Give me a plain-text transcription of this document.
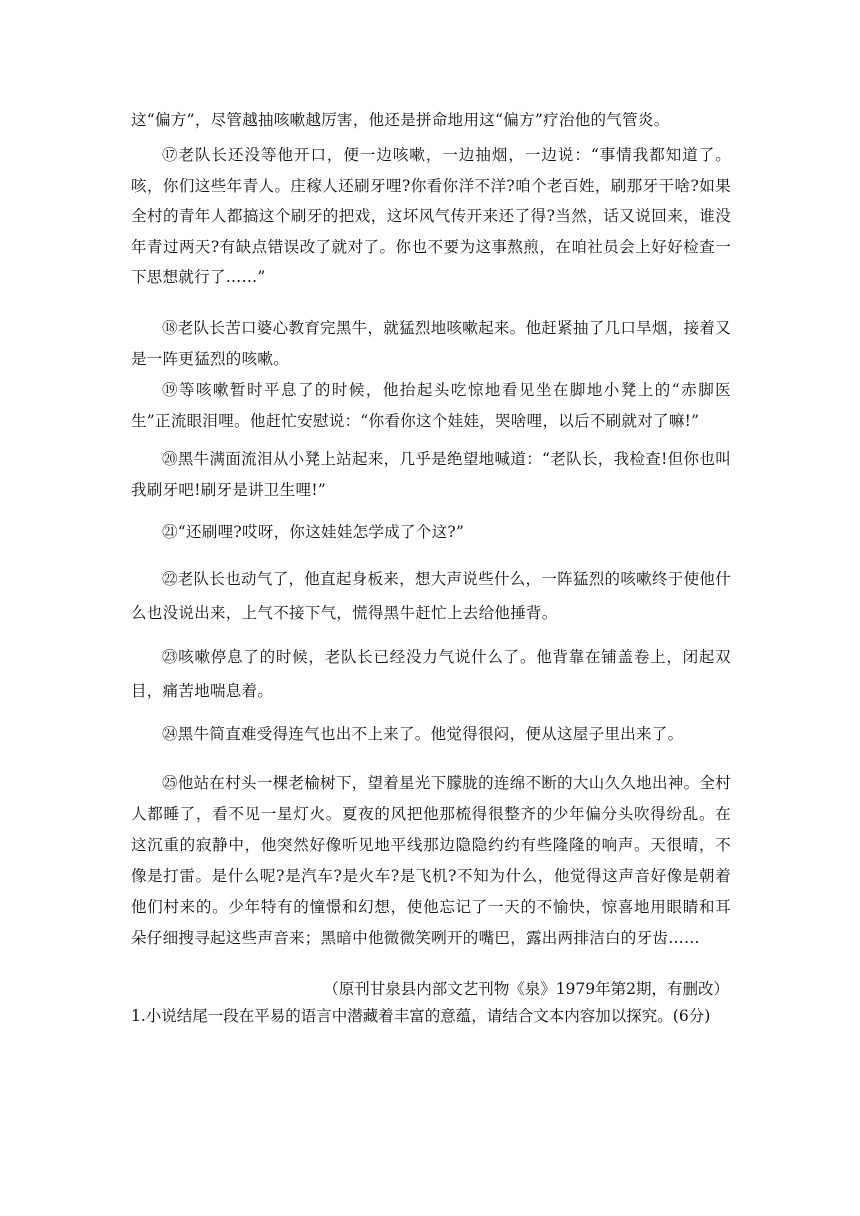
这“偏方”，尽管越抽咳嗽越厉害，他还是拼命地用这“偏方”疗治他的气管炎。

⑰老队长还没等他开口，便一边咳嗽，一边抽烟，一边说：“事情我都知道了。咳，你们这些年青人。庄稼人还刷牙哩?你看你洋不洋?咱个老百姓，刷那牙干啥?如果全村的青年人都搞这个刷牙的把戏，这坏风气传开来还了得?当然，话又说回来，谁没年青过两天?有缺点错误改了就对了。你也不要为这事熬煎，在咱社员会上好好检查一下思想就行了……”

⑱老队长苦口婆心教育完黑牛，就猛烈地咳嗽起来。他赶紧抽了几口旱烟，接着又是一阵更猛烈的咳嗽。

⑲等咳嗽暂时平息了的时候，他抬起头吃惊地看见坐在脚地小凳上的“赤脚医生”正流眼泪哩。他赶忙安慰说：“你看你这个娃娃，哭啥哩，以后不刷就对了嘛!”

⑳黑牛满面流泪从小凳上站起来，几乎是绝望地喊道：“老队长，我检查!但你也叫我刷牙吧!刷牙是讲卫生哩!”

㉑“还刷哩?哎呀，你这娃娃怎学成了个这?”

㉒老队长也动气了，他直起身板来，想大声说些什么，一阵猛烈的咳嗽终于使他什么也没说出来，上气不接下气，慌得黑牛赶忙上去给他捶背。

㉓咳嗽停息了的时候，老队长已经没力气说什么了。他背靠在铺盖卷上，闭起双目，痛苦地喘息着。

㉔黑牛简直难受得连气也出不上来了。他觉得很闷，便从这屋子里出来了。

㉕他站在村头一棵老榆树下，望着星光下朦胧的连绵不断的大山久久地出神。全村人都睡了，看不见一星灯火。夏夜的风把他那梳得很整齐的少年偏分头吹得纷乱。在这沉重的寂静中，他突然好像听见地平线那边隐隐约约有些隆隆的响声。天很晴，不像是打雷。是什么呢?是汽车?是火车?是飞机?不知为什么，他觉得这声音好像是朝着他们村来的。少年特有的憧憬和幻想，使他忘记了一天的不愉快，惊喜地用眼睛和耳朵仔细搜寻起这些声音来；黑暗中他微微笑咧开的嘴巴，露出两排洁白的牙齿……

（原刊甘泉县内部文艺刊物《泉》1979年第2期，有删改）

1.小说结尾一段在平易的语言中潜藏着丰富的意蕴，请结合文本内容加以探究。(6分)
